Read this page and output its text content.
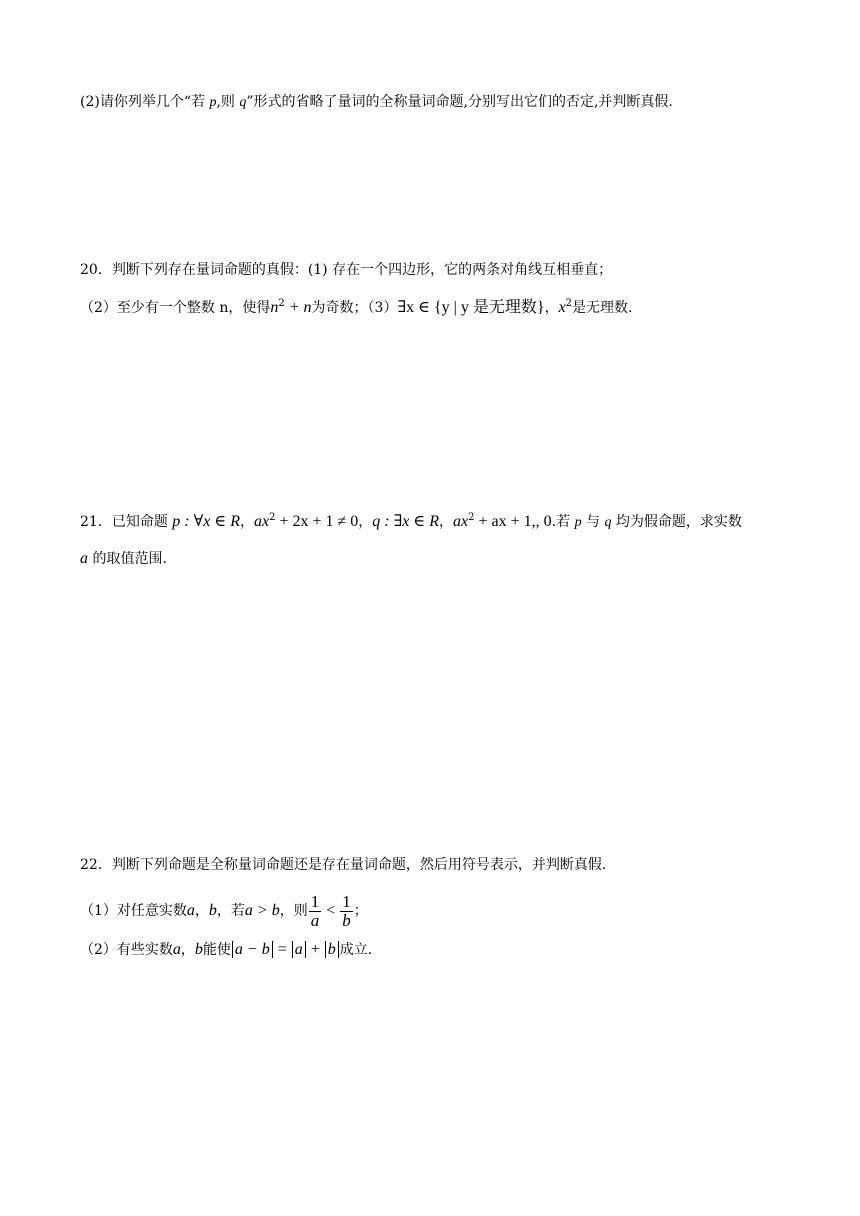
(2)请你列举几个“若 p,则 q”形式的省略了量词的全称量词命题,分别写出它们的否定,并判断真假.
20．判断下列存在量词命题的真假：(1) 存在一个四边形，它的两条对角线互相垂直；
（2）至少有一个整数 n，使得$n^2 + n$为奇数；（3）∃x ∈ {y | y 是无理数}，$x^2$是无理数.
21．已知命题 p : ∀x ∈ R，$ax^2 + 2x + 1 \ne 0$，q : ∃x ∈ R，$ax^2$ + ax + 1,, 0.若 p 与 q 均为假命题，求实数
a 的取值范围.
22．判断下列命题是全称量词命题还是存在量词命题，然后用符号表示，并判断真假.
（1）对任意实数a，b，若a > b，则 $\frac{1}{a} < \frac{1}{b}$ ；
（2）有些实数a，b能使 a − b = a + b 成立.
